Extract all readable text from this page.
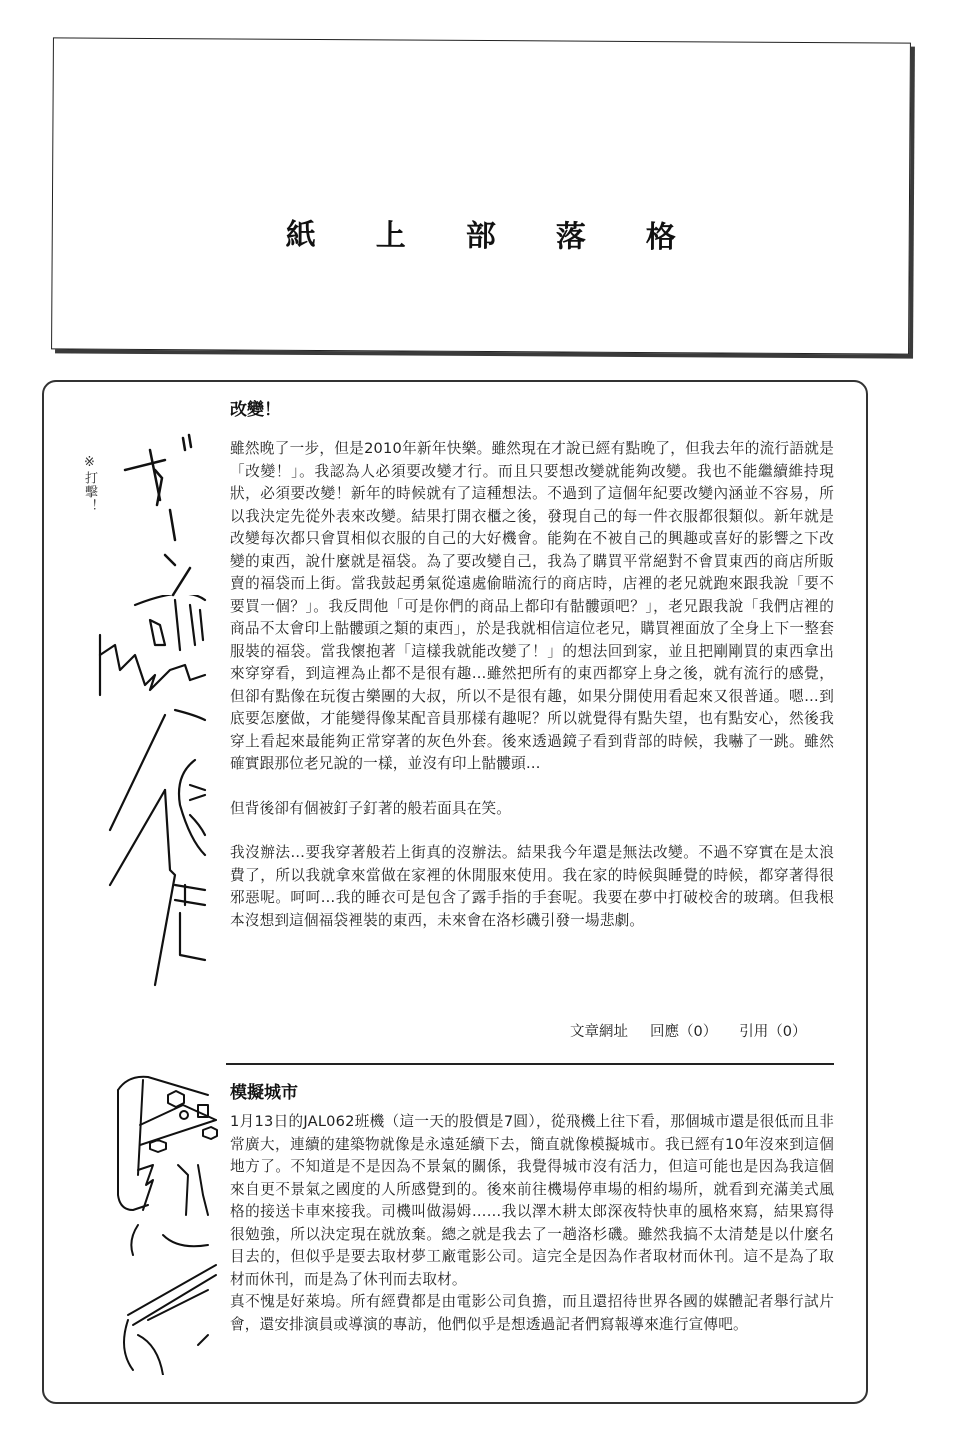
紙 上 部 落 格
※打擊！
改變！

雖然晚了一步，但是2010年新年快樂。雖然現在才說已經有點晚了，但我去年的流行語就是「改變！」。我認為人必須要改變才行。而且只要想改變就能夠改變。我也不能繼續維持現狀，必須要改變！新年的時候就有了這種想法。不過到了這個年紀要改變內涵並不容易，所以我決定先從外表來改變。結果打開衣櫃之後，發現自己的每一件衣服都很類似。新年就是改變每次都只會買相似衣服的自己的大好機會。能夠在不被自己的興趣或喜好的影響之下改變的東西，說什麼就是福袋。為了要改變自己，我為了購買平常絕對不會買東西的商店所販賣的福袋而上街。當我鼓起勇氣從遠處偷瞄流行的商店時，店裡的老兄就跑來跟我說「要不要買一個？」。我反問他「可是你們的商品上都印有骷髏頭吧？」，老兄跟我說「我們店裡的商品不太會印上骷髏頭之類的東西」，於是我就相信這位老兄，購買裡面放了全身上下一整套服裝的福袋。當我懷抱著「這樣我就能改變了！」的想法回到家，並且把剛剛買的東西拿出來穿穿看，到這裡為止都不是很有趣…雖然把所有的東西都穿上身之後，就有流行的感覺，但卻有點像在玩復古樂團的大叔，所以不是很有趣，如果分開使用看起來又很普通。嗯…到底要怎麼做，才能變得像某配音員那樣有趣呢？所以就覺得有點失望，也有點安心，然後我穿上看起來最能夠正常穿著的灰色外套。後來透過鏡子看到背部的時候，我嚇了一跳。雖然確實跟那位老兄說的一樣，並沒有印上骷髏頭…

但背後卻有個被釘子釘著的般若面具在笑。

我沒辦法…要我穿著般若上街真的沒辦法。結果我今年還是無法改變。不過不穿實在是太浪費了，所以我就拿來當做在家裡的休閒服來使用。我在家的時候與睡覺的時候，都穿著得很邪惡呢。呵呵…我的睡衣可是包含了露手指的手套呢。我要在夢中打破校舍的玻璃。但我根本沒想到這個福袋裡裝的東西，未來會在洛杉磯引發一場悲劇。

文章網址 回應（0） 引用（0）
模擬城市

1月13日的JAL062班機（這一天的股價是7圓），從飛機上往下看，那個城市還是很低而且非常廣大，連續的建築物就像是永遠延續下去，簡直就像模擬城市。我已經有10年沒來到這個地方了。不知道是不是因為不景氣的關係，我覺得城市沒有活力，但這可能也是因為我這個來自更不景氣之國度的人所感覺到的。後來前往機場停車場的相約場所，就看到充滿美式風格的接送卡車來接我。司機叫做湯姆……我以澤木耕太郎深夜特快車的風格來寫，結果寫得很勉強，所以決定現在就放棄。總之就是我去了一趟洛杉磯。雖然我搞不太清楚是以什麼名目去的，但似乎是要去取材夢工廠電影公司。這完全是因為作者取材而休刊。這不是為了取材而休刊，而是為了休刊而去取材。

真不愧是好萊塢。所有經費都是由電影公司負擔，而且還招待世界各國的媒體記者舉行試片會，還安排演員或導演的專訪，他們似乎是想透過記者們寫報導來進行宣傳吧。
